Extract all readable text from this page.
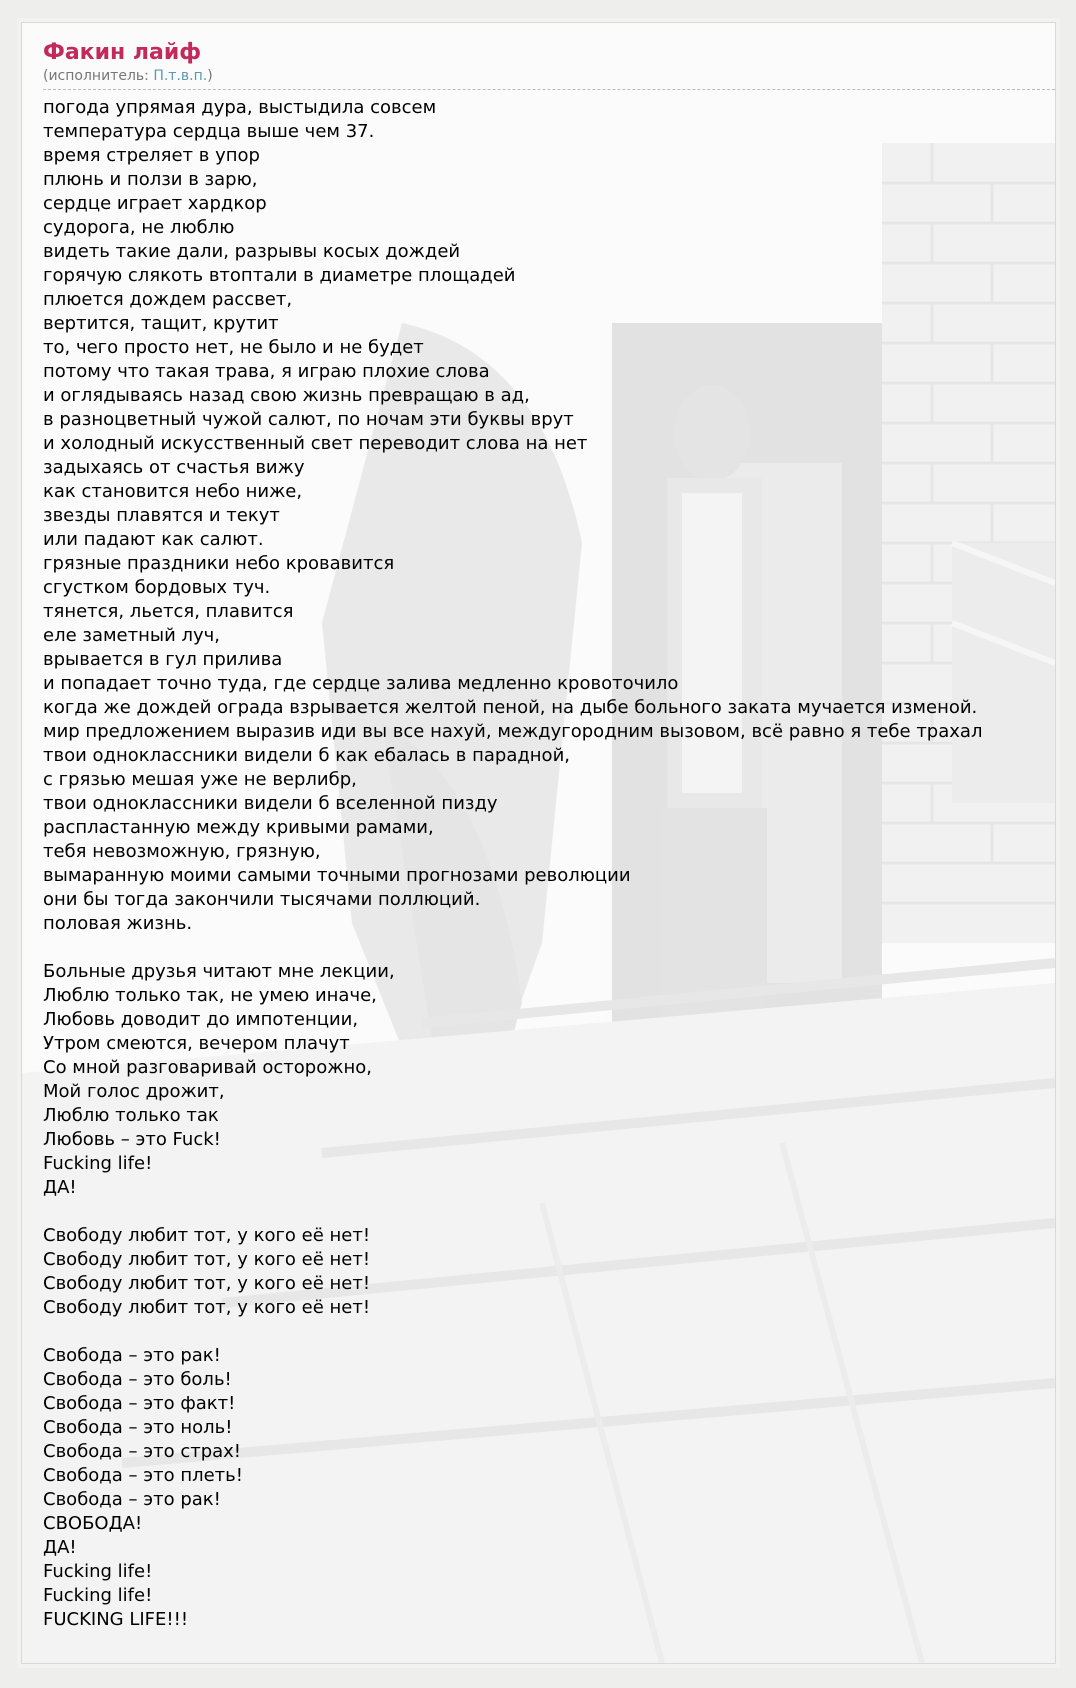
Факин лайф
(исполнитель: П.т.в.п.)
погода упрямая дура, выстыдила совсем
температура сердца выше чем 37.
время стреляет в упор
плюнь и ползи в зарю,
сердце играет хардкор
судорога, не люблю
видеть такие дали, разрывы косых дождей
горячую слякоть втоптали в диаметре площадей
плюется дождем рассвет,
вертится, тащит, крутит
то, чего просто нет, не было и не будет
потому что такая трава, я играю плохие слова
и оглядываясь назад свою жизнь превращаю в ад,
в разноцветный чужой салют, по ночам эти буквы врут
и холодный искусственный свет переводит слова на нет
задыхаясь от счастья вижу
как становится небо ниже,
звезды плавятся и текут
или падают как салют.
грязные праздники небо кровавится
сгустком бордовых туч.
тянется, льется, плавится
еле заметный луч,
врывается в гул прилива
и попадает точно туда, где сердце залива медленно кровоточило
когда же дождей ограда взрывается желтой пеной, на дыбе больного заката мучается изменой.
мир предложением выразив иди вы все нахуй, междугородним вызовом, всё равно я тебе трахал
твои одноклассники видели б как ебалась в парадной,
с грязью мешая уже не верлибр,
твои одноклассники видели б вселенной пизду
распластанную между кривыми рамами,
тебя невозможную, грязную,
вымаранную моими самыми точными прогнозами революции
они бы тогда закончили тысячами поллюций.
половая жизнь.
Больные друзья читают мне лекции,
Люблю только так, не умею иначе,
Любовь доводит до импотенции,
Утром смеются, вечером плачут
Со мной разговаривай осторожно,
Мой голос дрожит,
Люблю только так
Любовь – это Fuck!
Fucking life!
ДА!
Свободу любит тот, у кого её нет!
Свободу любит тот, у кого её нет!
Свободу любит тот, у кого её нет!
Свободу любит тот, у кого её нет!
Свобода – это рак!
Свобода – это боль!
Свобода – это факт!
Свобода – это ноль!
Свобода – это страх!
Свобода – это плеть!
Свобода – это рак!
СВОБОДА!
ДА!
Fucking life!
Fucking life!
FUCKING LIFE!!!
